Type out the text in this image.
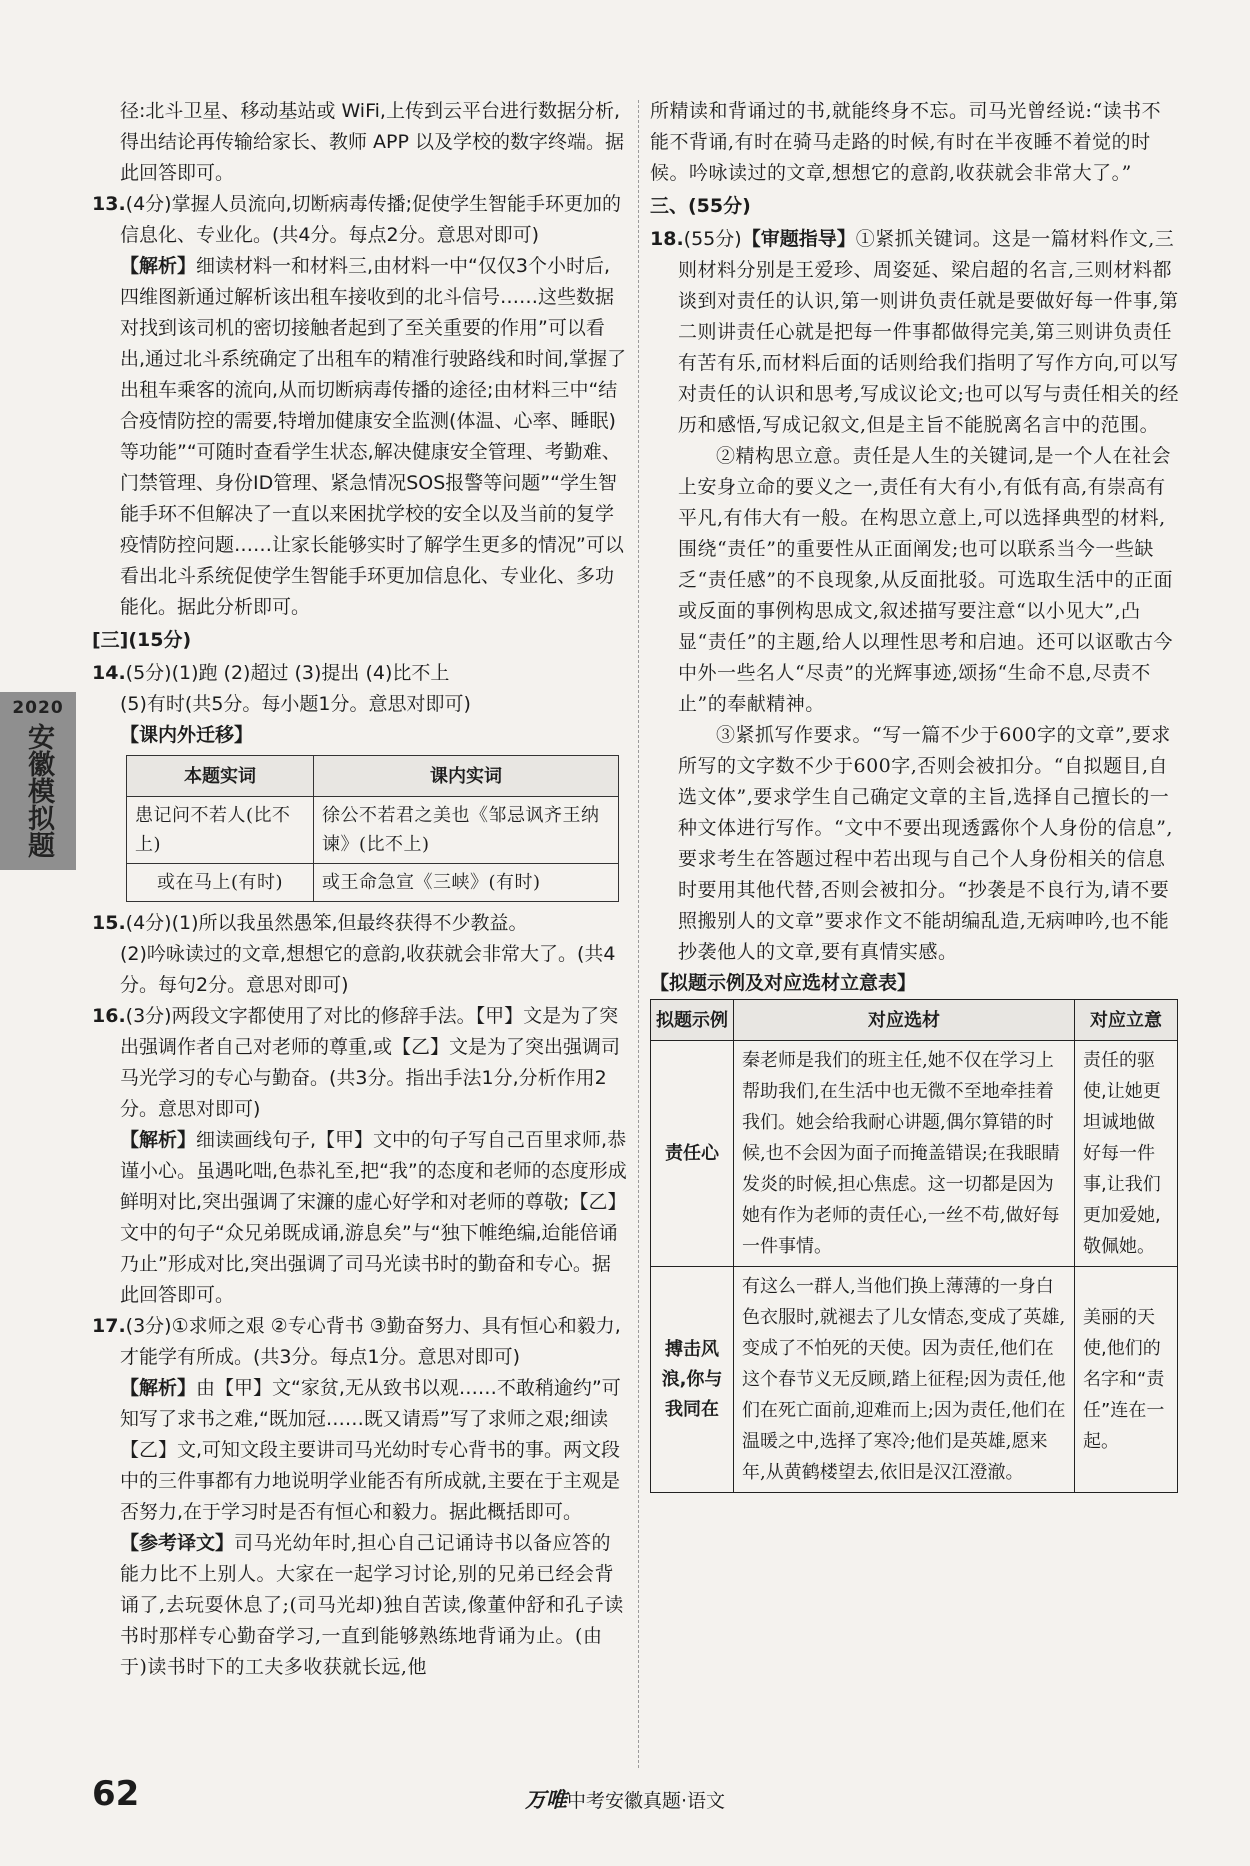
2020
安徽模拟题

径:北斗卫星、移动基站或 WiFi,上传到云平台进行数据分析,得出结论再传输给家长、教师 APP 以及学校的数字终端。据此回答即可。

13.(4分)掌握人员流向,切断病毒传播;促使学生智能手环更加的信息化、专业化。(共4分。每点2分。意思对即可)

【解析】细读材料一和材料三,由材料一中“仅仅3个小时后,四维图新通过解析该出租车接收到的北斗信号……这些数据对找到该司机的密切接触者起到了至关重要的作用”可以看出,通过北斗系统确定了出租车的精准行驶路线和时间,掌握了出租车乘客的流向,从而切断病毒传播的途径;由材料三中“结合疫情防控的需要,特增加健康安全监测(体温、心率、睡眠)等功能”“可随时查看学生状态,解决健康安全管理、考勤难、门禁管理、身份ID管理、紧急情况SOS报警等问题”“学生智能手环不但解决了一直以来困扰学校的安全以及当前的复学疫情防控问题……让家长能够实时了解学生更多的情况”可以看出北斗系统促使学生智能手环更加信息化、专业化、多功能化。据此分析即可。

[三](15分)

14.(5分)(1)跑 (2)超过 (3)提出 (4)比不上

(5)有时(共5分。每小题1分。意思对即可)

【课内外迁移】

本题实词	课内实词
患记问不若人(比不上)	徐公不若君之美也《邹忌讽齐王纳谏》(比不上)
或在马上(有时)	或王命急宣《三峡》(有时)

15.(4分)(1)所以我虽然愚笨,但最终获得不少教益。

(2)吟咏读过的文章,想想它的意韵,收获就会非常大了。(共4分。每句2分。意思对即可)

16.(3分)两段文字都使用了对比的修辞手法。【甲】文是为了突出强调作者自己对老师的尊重,或【乙】文是为了突出强调司马光学习的专心与勤奋。(共3分。指出手法1分,分析作用2分。意思对即可)

【解析】细读画线句子,【甲】文中的句子写自己百里求师,恭谨小心。虽遇叱咄,色恭礼至,把“我”的态度和老师的态度形成鲜明对比,突出强调了宋濂的虚心好学和对老师的尊敬;【乙】文中的句子“众兄弟既成诵,游息矣”与“独下帷绝编,迨能倍诵乃止”形成对比,突出强调了司马光读书时的勤奋和专心。据此回答即可。

17.(3分)①求师之艰 ②专心背书 ③勤奋努力、具有恒心和毅力,才能学有所成。(共3分。每点1分。意思对即可)

【解析】由【甲】文“家贫,无从致书以观……不敢稍逾约”可知写了求书之难,“既加冠……既又请焉”写了求师之艰;细读【乙】文,可知文段主要讲司马光幼时专心背书的事。两文段中的三件事都有力地说明学业能否有所成就,主要在于主观是否努力,在于学习时是否有恒心和毅力。据此概括即可。

【参考译文】司马光幼年时,担心自己记诵诗书以备应答的能力比不上别人。大家在一起学习讨论,别的兄弟已经会背诵了,去玩耍休息了;(司马光却)独自苦读,像董仲舒和孔子读书时那样专心勤奋学习,一直到能够熟练地背诵为止。(由于)读书时下的工夫多收获就长远,他

所精读和背诵过的书,就能终身不忘。司马光曾经说:“读书不能不背诵,有时在骑马走路的时候,有时在半夜睡不着觉的时候。吟咏读过的文章,想想它的意韵,收获就会非常大了。”

三、(55分)

18.(55分)【审题指导】①紧抓关键词。这是一篇材料作文,三则材料分别是王爱珍、周姿延、梁启超的名言,三则材料都谈到对责任的认识,第一则讲负责任就是要做好每一件事,第二则讲责任心就是把每一件事都做得完美,第三则讲负责任有苦有乐,而材料后面的话则给我们指明了写作方向,可以写对责任的认识和思考,写成议论文;也可以写与责任相关的经历和感悟,写成记叙文,但是主旨不能脱离名言中的范围。

②精构思立意。责任是人生的关键词,是一个人在社会上安身立命的要义之一,责任有大有小,有低有高,有崇高有平凡,有伟大有一般。在构思立意上,可以选择典型的材料,围绕“责任”的重要性从正面阐发;也可以联系当今一些缺乏“责任感”的不良现象,从反面批驳。可选取生活中的正面或反面的事例构思成文,叙述描写要注意“以小见大”,凸显“责任”的主题,给人以理性思考和启迪。还可以讴歌古今中外一些名人“尽责”的光辉事迹,颂扬“生命不息,尽责不止”的奉献精神。

③紧抓写作要求。“写一篇不少于600字的文章”,要求所写的文字数不少于600字,否则会被扣分。“自拟题目,自选文体”,要求学生自己确定文章的主旨,选择自己擅长的一种文体进行写作。“文中不要出现透露你个人身份的信息”,要求考生在答题过程中若出现与自己个人身份相关的信息时要用其他代替,否则会被扣分。“抄袭是不良行为,请不要照搬别人的文章”要求作文不能胡编乱造,无病呻吟,也不能抄袭他人的文章,要有真情实感。

【拟题示例及对应选材立意表】

拟题示例	对应选材	对应立意
责任心	秦老师是我们的班主任,她不仅在学习上帮助我们,在生活中也无微不至地牵挂着我们。她会给我耐心讲题,偶尔算错的时候,也不会因为面子而掩盖错误;在我眼睛发炎的时候,担心焦虑。这一切都是因为她有作为老师的责任心,一丝不苟,做好每一件事情。	责任的驱使,让她更坦诚地做好每一件事,让我们更加爱她,敬佩她。
搏击风浪,你与我同在	有这么一群人,当他们换上薄薄的一身白色衣服时,就褪去了儿女情态,变成了英雄,变成了不怕死的天使。因为责任,他们在这个春节义无反顾,踏上征程;因为责任,他们在死亡面前,迎难而上;因为责任,他们在温暖之中,选择了寒冷;他们是英雄,愿来年,从黄鹤楼望去,依旧是汉江澄澈。	美丽的天使,他们的名字和“责任”连在一起。
62	万唯中考安徽真题·语文
